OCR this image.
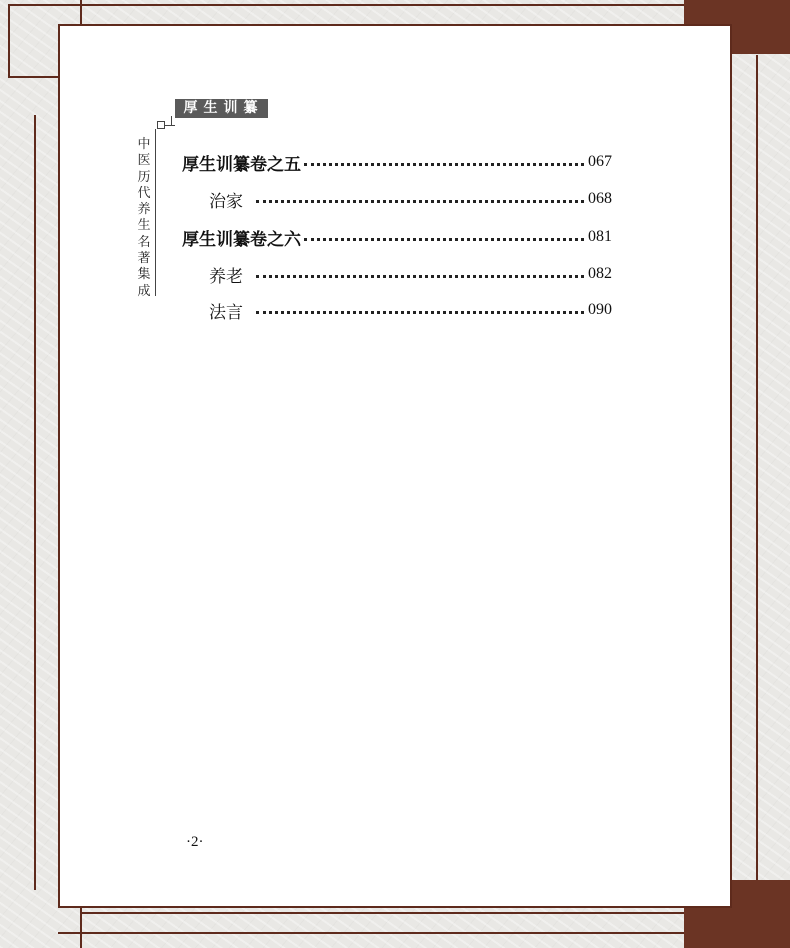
厚生训纂
中医历代养生名著集成
厚生训纂卷之五	067
治家	068
厚生训纂卷之六	081
养老	082
法言	090
·2·
